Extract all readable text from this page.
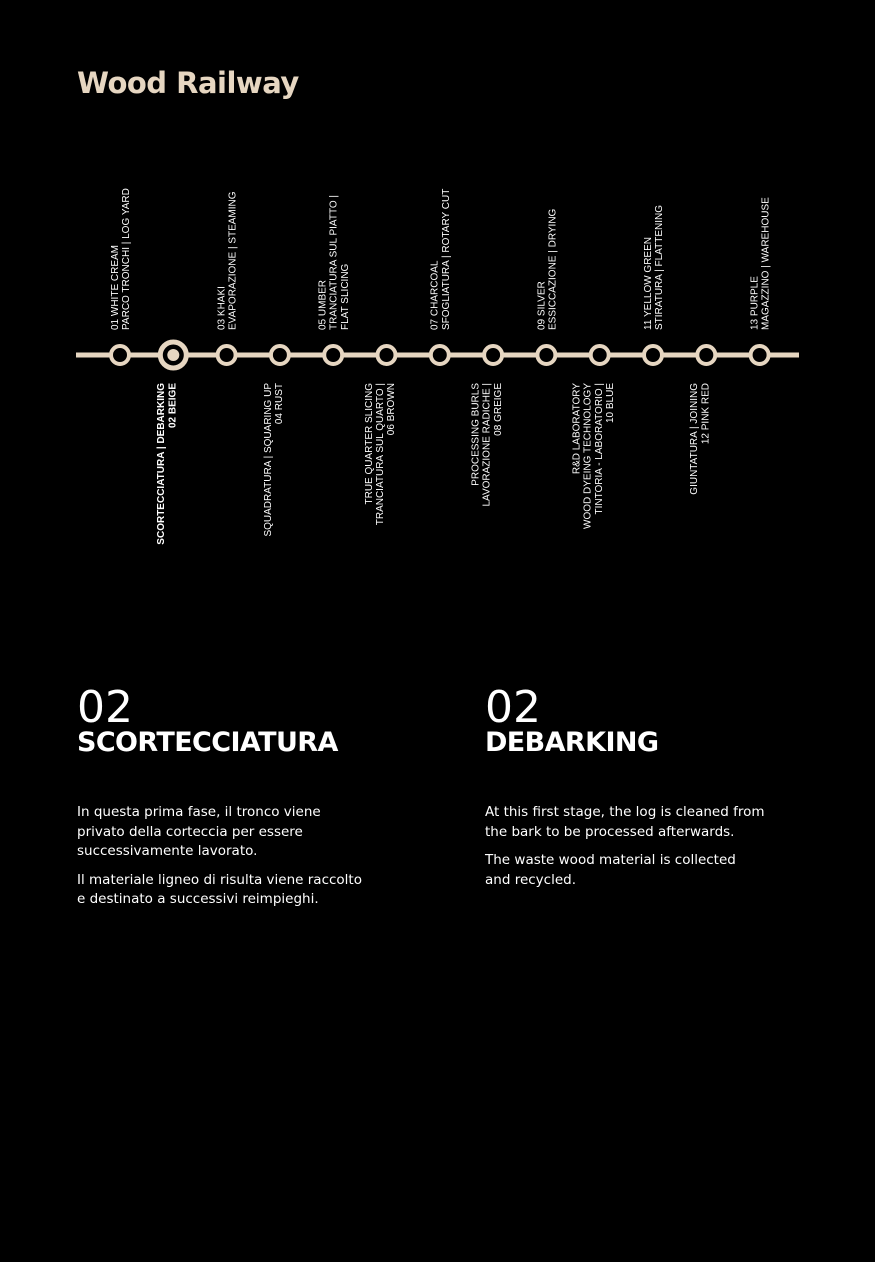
Wood Railway
01 WHITE CREAM PARCO TRONCHI | LOG YARD
02 BEIGE
SCORTECCIATURA | DEBARKING
03 KHAKI EVAPORAZIONE | STEAMING
04 RUST
SQUADRATURA | SQUARING UP
05 UMBER TRANCIATURA SUL PIATTO | FLAT SLICING
06 BROWN
TRANCIATURA SUL QUARTO |
TRUE QUARTER SLICING
07 CHARCOAL SFOGLIATURA | ROTARY CUT
08 GREIGE
LAVORAZIONE RADICHE |
PROCESSING BURLS
09 SILVER ESSICCAZIONE | DRYING
10 BLUE
TINTORIA - LABORATORIO |
WOOD DYEING TECHNOLOGY
R&D LABORATORY
11 YELLOW GREEN STIRATURA | FLATTENING
12 PINK RED
GIUNTATURA | JOINING
13 PURPLE MAGAZZINO | WAREHOUSE
02
SCORTECCIATURA

In questa prima fase, il tronco viene privato della corteccia per essere successivamente lavorato.

Il materiale ligneo di risulta viene raccolto e destinato a successivi reimpieghi.

02
DEBARKING

At this first stage, the log is cleaned from the bark to be processed afterwards.

The waste wood material is collected and recycled.
